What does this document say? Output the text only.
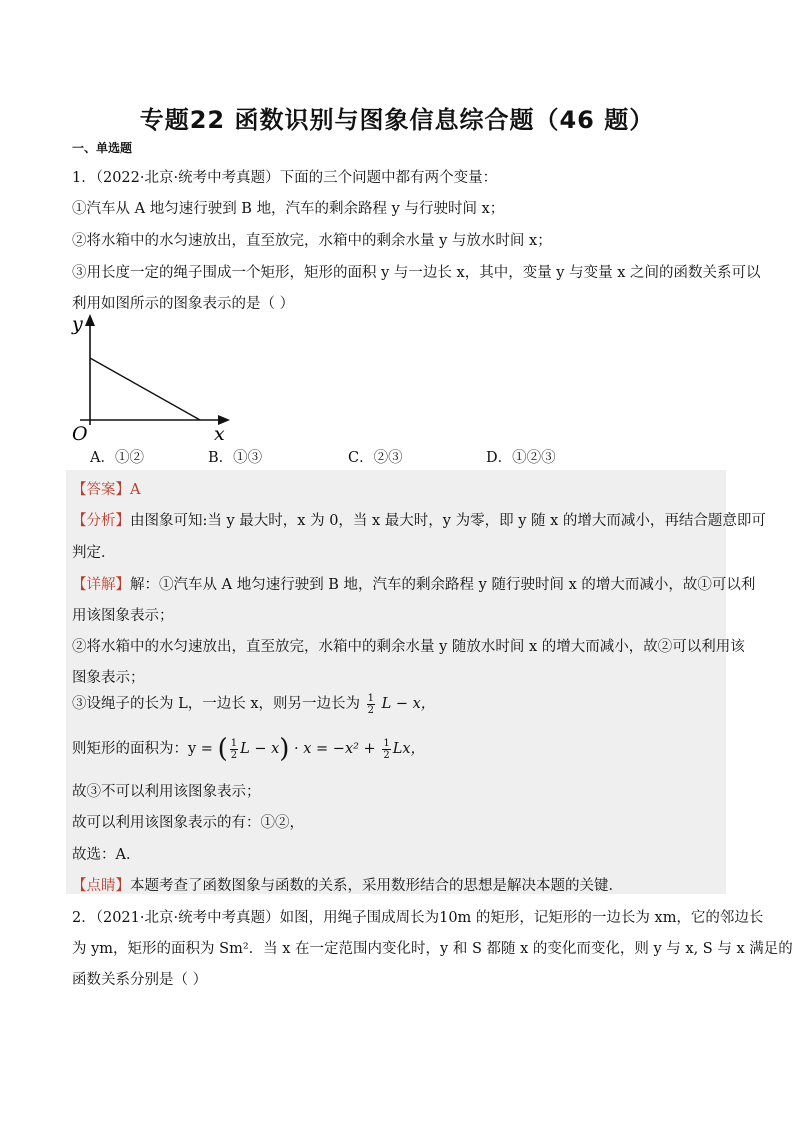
专题22 函数识别与图象信息综合题（46 题）
一、单选题
1．（2022·北京·统考中考真题）下面的三个问题中都有两个变量：
①汽车从 A 地匀速行驶到 B 地，汽车的剩余路程 y 与行驶时间 x；
②将水箱中的水匀速放出，直至放完，水箱中的剩余水量 y 与放水时间 x；
③用长度一定的绳子围成一个矩形，矩形的面积 y 与一边长 x，其中，变量 y 与变量 x 之间的函数关系可以
利用如图所示的图象表示的是（ ）
y
x
O
A．①②	B．①③	C．②③	D．①②③
【答案】A
【分析】由图象可知:当 y 最大时，x 为 0，当 x 最大时，y 为零，即 y 随 x 的增大而减小，再结合题意即可
判定．
【详解】解：①汽车从 A 地匀速行驶到 B 地，汽车的剩余路程 y 随行驶时间 x 的增大而减小，故①可以利
用该图象表示；
②将水箱中的水匀速放出，直至放完，水箱中的剩余水量 y 随放水时间 x 的增大而减小，故②可以利用该
图象表示；
③设绳子的长为 L，一边长 x，则另一边长为 $\frac{1}{2}$ L − x，
则矩形的面积为：y = ( $\frac{1}{2}$ $L - x) \cdot x = -x^2 + \frac{1}{2}$ Lx，
故③不可以利用该图象表示；
故可以利用该图象表示的有：①②，
故选：A．
【点睛】本题考查了函数图象与函数的关系，采用数形结合的思想是解决本题的关键．
2．（2021·北京·统考中考真题）如图，用绳子围成周长为10m 的矩形，记矩形的一边长为 xm，它的邻边长
为 ym，矩形的面积为 Sm²．当 x 在一定范围内变化时，y 和 S 都随 x 的变化而变化，则 y 与 x, S 与 x 满足的
函数关系分别是（ ）
